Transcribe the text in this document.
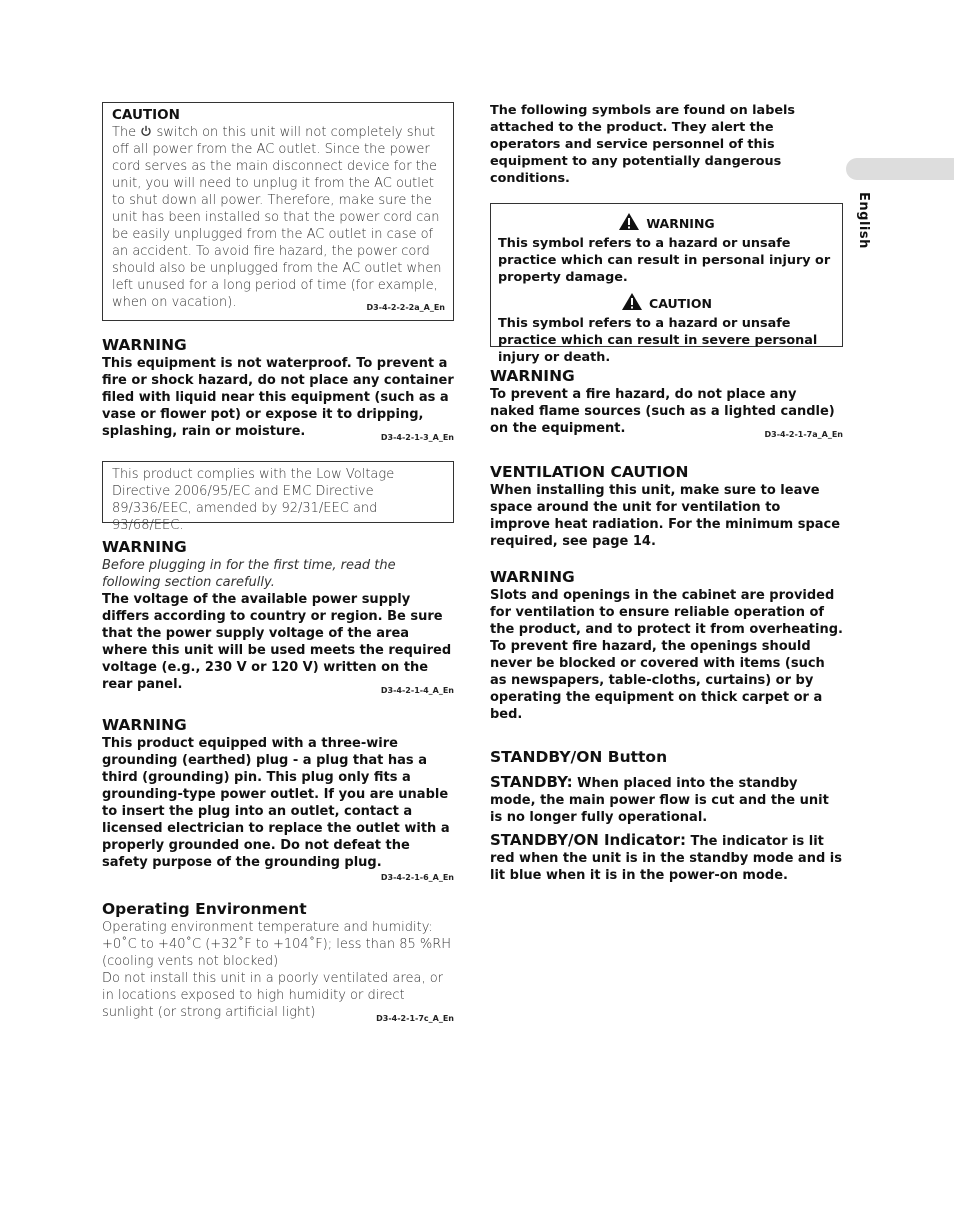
English
CAUTION
The  switch on this unit will not completely shut off all power from the AC outlet. Since the power cord serves as the main disconnect device for the unit, you will need to unplug it from the AC outlet to shut down all power. Therefore, make sure the unit has been installed so that the power cord can be easily unplugged from the AC outlet in case of an accident. To avoid fire hazard, the power cord should also be unplugged from the AC outlet when left unused for a long period of time (for example, when on vacation).	D3-4-2-2-2a_A_En
WARNING
This equipment is not waterproof. To prevent a fire or shock hazard, do not place any container filed with liquid near this equipment (such as a vase or flower pot) or expose it to dripping, splashing, rain or moisture.	D3-4-2-1-3_A_En
This product complies with the Low Voltage Directive 2006/95/EC and EMC Directive 89/336/EEC, amended by 92/31/EEC and 93/68/EEC.
WARNING
Before plugging in for the first time, read the following section carefully.
The voltage of the available power supply differs according to country or region. Be sure that the power supply voltage of the area where this unit will be used meets the required voltage (e.g., 230 V or 120 V) written on the rear panel.	D3-4-2-1-4_A_En
WARNING
This product equipped with a three-wire grounding (earthed) plug - a plug that has a third (grounding) pin. This plug only fits a grounding-type power outlet. If you are unable to insert the plug into an outlet, contact a licensed electrician to replace the outlet with a properly grounded one. Do not defeat the safety purpose of the grounding plug.
D3-4-2-1-6_A_En
Operating Environment
Operating environment temperature and humidity: +0˚C to +40˚C (+32˚F to +104˚F); less than 85 %RH (cooling vents not blocked)
Do not install this unit in a poorly ventilated area, or in locations exposed to high humidity or direct sunlight (or strong artificial light)	D3-4-2-1-7c_A_En
The following symbols are found on labels attached to the product. They alert the operators and service personnel of this equipment to any potentially dangerous conditions.
WARNING
This symbol refers to a hazard or unsafe practice which can result in personal injury or property damage.
CAUTION
This symbol refers to a hazard or unsafe practice which can result in severe personal injury or death.
WARNING
To prevent a fire hazard, do not place any naked flame sources (such as a lighted candle) on the equipment.	D3-4-2-1-7a_A_En
VENTILATION CAUTION
When installing this unit, make sure to leave space around the unit for ventilation to improve heat radiation. For the minimum space required, see page 14.
WARNING
Slots and openings in the cabinet are provided for ventilation to ensure reliable operation of the product, and to protect it from overheating. To prevent fire hazard, the openings should never be blocked or covered with items (such as newspapers, table-cloths, curtains) or by operating the equipment on thick carpet or a bed.
STANDBY/ON Button
STANDBY: When placed into the standby mode, the main power flow is cut and the unit is no longer fully operational.
STANDBY/ON Indicator: The indicator is lit red when the unit is in the standby mode and is lit blue when it is in the power-on mode.
